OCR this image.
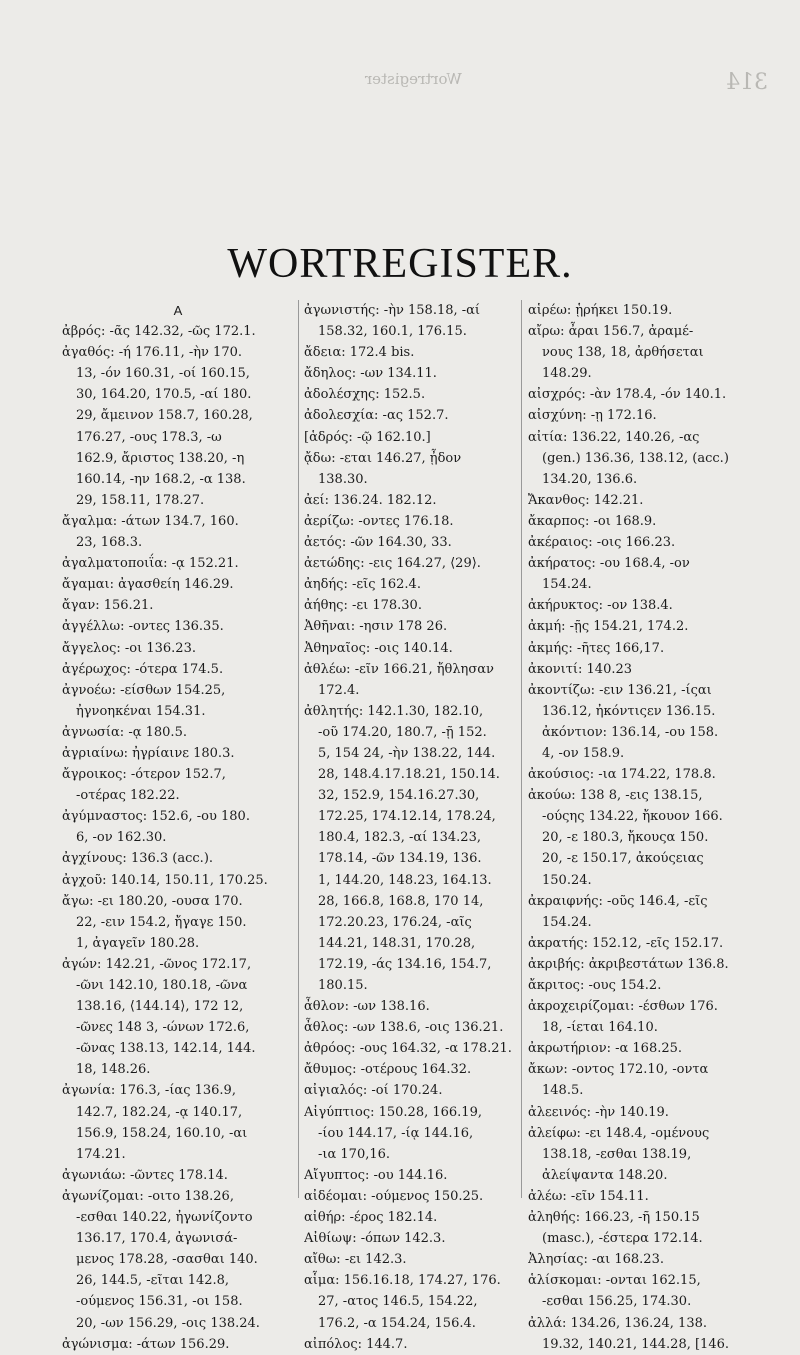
314
Wortregister
WORTREGISTER.
A
ἀβρός: -ᾶς 142.32, -ῶς 172.1.
ἀγαθός: -ή 176.11, -ὴν 170.
13, -όν 160.31, -οί 160.15,
30, 164.20, 170.5, -αί 180.
29, ἄμεινον 158.7, 160.28,
176.27, -ους 178.3, -ω
162.9, ἄριστος 138.20, -η
160.14, -ην 168.2, -α 138.
29, 158.11, 178.27.
ἄγαλμα: -άτων 134.7, 160.
23, 168.3.
ἀγαλματοποιΐα: -ᾳ 152.21.
ἄγαμαι: ἀγασθείη 146.29.
ἄγαν: 156.21.
ἀγγέλλω: -οντες 136.35.
ἄγγελος: -οι 136.23.
ἀγέρωχος: -ότερα 174.5.
ἀγνοέω: -είσθων 154.25,
ἠγνοηκέναι 154.31.
ἀγνωσία: -ᾳ 180.5.
ἀγριαίνω: ἠγρίαινε 180.3.
ἄγροικος: -ότερον 152.7,
-οτέρας 182.22.
ἀγύμναστος: 152.6, -ου 180.
6, -ον 162.30.
ἀγχίνους: 136.3 (acc.).
ἀγχοῦ: 140.14, 150.11, 170.25.
ἄγω: -ει 180.20, -ουσα 170.
22, -ειν 154.2, ἤγαγε 150.
1, ἀγαγεῖν 180.28.
ἀγών: 142.21, -ῶνος 172.17,
-ῶνι 142.10, 180.18, -ῶνα
138.16, ⟨144.14⟩, 172 12,
-ῶνες 148 3, -ώνων 172.6,
-ῶνας 138.13, 142.14, 144.
18, 148.26.
ἀγωνία: 176.3, -ίας 136.9,
142.7, 182.24, -ᾳ 140.17,
156.9, 158.24, 160.10, -αι
174.21.
ἀγωνιάω: -ῶντες 178.14.
ἀγωνίζομαι: -οιτο 138.26,
-εσθαι 140.22, ἠγωνίζοντο
136.17, 170.4, ἀγωνισά-
μενος 178.28, -σασθαι 140.
26, 144.5, -εῖται 142.8,
-ούμενος 156.31, -οι 158.
20, -ων 156.29, -οις 138.24.
ἀγώνισμα: -άτων 156.29.
ἀγωνιστής: -ὴν 158.18, -αί
158.32, 160.1, 176.15.
ἄδεια: 172.4 bis.
ἄδηλος: -ων 134.11.
ἀδολέσχης: 152.5.
ἀδολεσχία: -ας 152.7.
[ἁδρός: -ῷ 162.10.]
ᾄδω: -εται 146.27, ᾖδον
138.30.
ἀεί: 136.24. 182.12.
ἀερίζω: -οντες 176.18.
ἀετός: -ῶν 164.30, 33.
ἀετώδης: -εις 164.27, ⟨29⟩.
ἀηδής: -εῖς 162.4.
ἀήθης: -ει 178.30.
Ἀθῆναι: -ησιν 178 26.
Ἀθηναῖος: -οις 140.14.
ἀθλέω: -εῖν 166.21, ἤθλησαν
172.4.
ἀθλητής: 142.1.30, 182.10,
-οῦ 174.20, 180.7, -ῇ 152.
5, 154 24, -ὴν 138.22, 144.
28, 148.4.17.18.21, 150.14.
32, 152.9, 154.16.27.30,
172.25, 174.12.14, 178.24,
180.4, 182.3, -αί 134.23,
178.14, -ῶν 134.19, 136.
1, 144.20, 148.23, 164.13.
28, 166.8, 168.8, 170 14,
172.20.23, 176.24, -αῖς
144.21, 148.31, 170.28,
172.19, -άς 134.16, 154.7,
180.15.
ἆθλον: -ων 138.16.
ἆθλος: -ων 138.6, -οις 136.21.
ἀθρόος: -ους 164.32, -α 178.21.
ἄθυμος: -οτέρους 164.32.
αἰγιαλός: -οί 170.24.
Αἰγύπτιος: 150.28, 166.19,
-ίου 144.17, -ίᾳ 144.16,
-ια 170,16.
Αἴγυπτος: -ου 144.16.
αἰδέομαι: -ούμενος 150.25.
αἰθήρ: -έρος 182.14.
Αἰθίωψ: -όπων 142.3.
αἴθω: -ει 142.3.
αἷμα: 156.16.18, 174.27, 176.
27, -ατος 146.5, 154.22,
176.2, -α 154.24, 156.4.
αἰπόλος: 144.7.
αἱρέω: ᾑρήκει 150.19.
αἴρω: ἆραι 156.7, ἀραμέ-
νους 138, 18, ἀρθήσεται
148.29.
αἰσχρός: -ὰν 178.4, -όν 140.1.
αἰσχύνη: -ῃ 172.16.
αἰτία: 136.22, 140.26, -ας
(gen.) 136.36, 138.12, (acc.)
134.20, 136.6.
Ἄκανθος: 142.21.
ἄκαρπος: -οι 168.9.
ἀκέραιος: -οις 166.23.
ἀκήρατος: -ου 168.4, -ον
154.24.
ἀκήρυκτος: -ον 138.4.
ἀκμή: -ῇς 154.21, 174.2.
ἀκμής: -ῆτες 166,17.
ἀκονιτί: 140.23
ἀκοντίζω: -ειν 136.21, -ίςαι
136.12, ἠκόντιςεν 136.15.
ἀκόντιον: 136.14, -ου 158.
4, -ον 158.9.
ἀκούσιος: -ια 174.22, 178.8.
ἀκούω: 138 8, -εις 138.15,
-ούςης 134.22, ἤκουον 166.
20, -ε 180.3, ἤκουςα 150.
20, -ε 150.17, ἀκούςειας
150.24.
ἀκραιφνής: -οῦς 146.4, -εῖς
154.24.
ἀκρατής: 152.12, -εῖς 152.17.
ἀκριβής: ἀκριβεστάτων 136.8.
ἄκριτος: -ους 154.2.
ἀκροχειρίζομαι: -έσθων 176.
18, -ίεται 164.10.
ἀκρωτήριον: -α 168.25.
ἄκων: -οντος 172.10, -οντα
148.5.
ἀλεεινός: -ὴν 140.19.
ἀλείφω: -ει 148.4, -ομένους
138.18, -εσθαι 138.19,
ἀλείψαντα 148.20.
ἀλέω: -εῖν 154.11.
ἀληθής: 166.23, -ῆ 150.15
(masc.), -έστερα 172.14.
Ἀλησίας: -αι 168.23.
ἁλίσκομαι: -ονται 162.15,
-εσθαι 156.25, 174.30.
ἀλλά: 134.26, 136.24, 138.
19.32, 140.21, 144.28, [146.
